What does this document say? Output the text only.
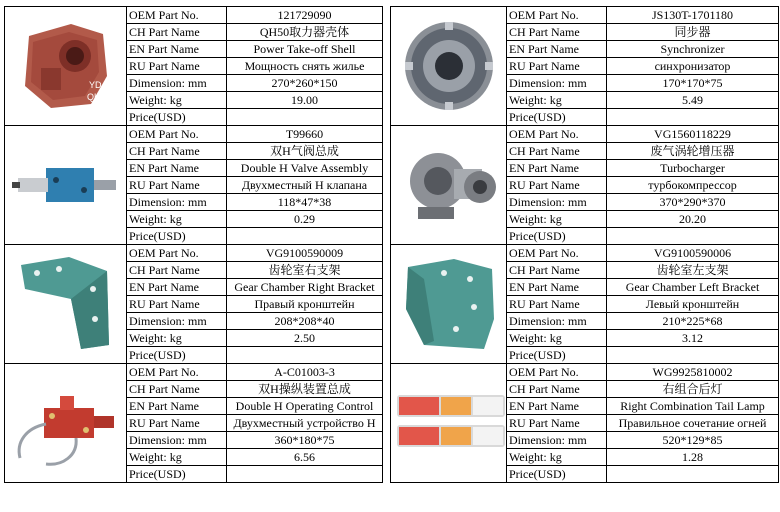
YD
QH50	OEM Part No.	121729090			OEM Part No.	JS130T-1701180
	CH Part Name	QH50取力器壳体			CH Part Name	同步器
	EN Part Name	Power Take-off Shell			EN Part Name	Synchronizer
	RU Part Name	Мощность снять жилье			RU Part Name	синхронизатор
	Dimension: mm	270*260*150			Dimension: mm	170*170*75
	Weight: kg	19.00			Weight: kg	5.49
	Price(USD)				Price(USD)	

	OEM Part No.	T99660			OEM Part No.	VG1560118229
	CH Part Name	双H气阀总成			CH Part Name	废气涡轮增压器
	EN Part Name	Double H Valve Assembly			EN Part Name	Turbocharger
	RU Part Name	Двухместный H клапана			RU Part Name	турбокомпрессор
	Dimension: mm	118*47*38			Dimension: mm	370*290*370
	Weight: kg	0.29			Weight: kg	20.20
	Price(USD)				Price(USD)	

	OEM Part No.	VG9100590009			OEM Part No.	VG9100590006
	CH Part Name	齿轮室右支架			CH Part Name	齿轮室左支架
	EN Part Name	Gear Chamber Right Bracket			EN Part Name	Gear Chamber Left Bracket
	RU Part Name	Правый кронштейн			RU Part Name	Левый кронштейн
	Dimension: mm	208*208*40			Dimension: mm	210*225*68
	Weight: kg	2.50			Weight: kg	3.12
	Price(USD)				Price(USD)	

	OEM Part No.	A-C01003-3			OEM Part No.	WG9925810002
	CH Part Name	双H操纵装置总成			CH Part Name	右组合后灯
	EN Part Name	Double H Operating Control			EN Part Name	Right Combination Tail Lamp
	RU Part Name	Двухместный устройство H			RU Part Name	Правильное сочетание огней
	Dimension: mm	360*180*75			Dimension: mm	520*129*85
	Weight: kg	6.56			Weight: kg	1.28
	Price(USD)				Price(USD)	
